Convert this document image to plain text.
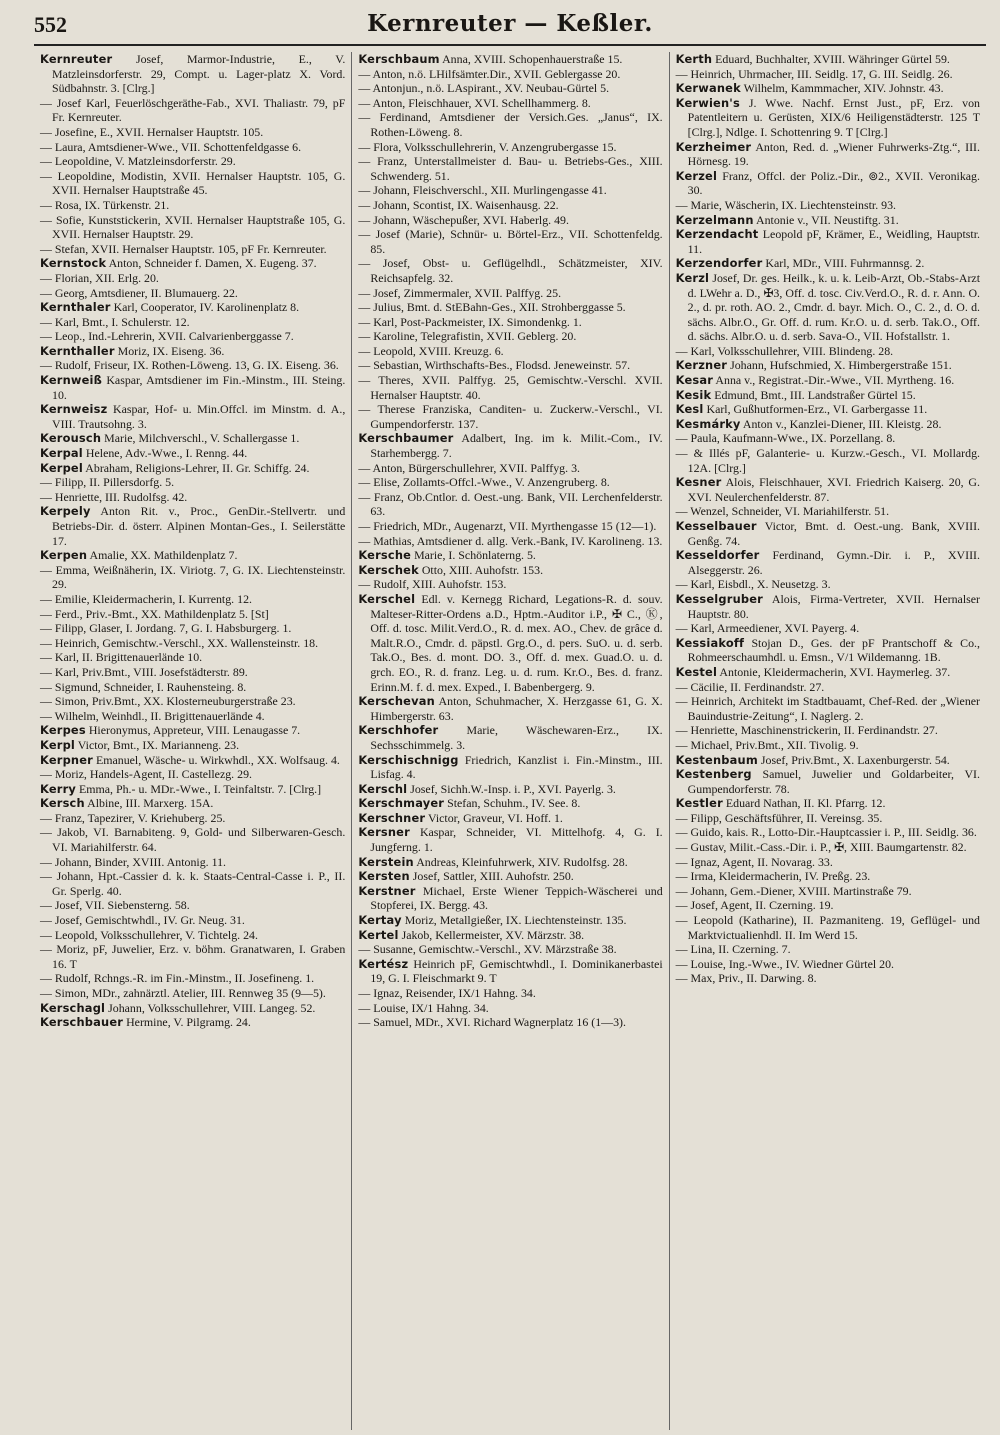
552	Kernreuter — Keßler.

Kernreuter Josef, Marmor-Industrie, E., V. Matzleinsdorferstr. 29, Compt. u. Lager-platz X. Vord. Südbahnstr. 3. [Clrg.]

— Josef Karl, Feuerlöschgeräthe-Fab., XVI. Thaliastr. 79, pF Fr. Kernreuter.

— Josefine, E., XVII. Hernalser Hauptstr. 105.

— Laura, Amtsdiener-Wwe., VII. Schottenfeldgasse 6.

— Leopoldine, V. Matzleinsdorferstr. 29.

— Leopoldine, Modistin, XVII. Hernalser Hauptstr. 105, G. XVII. Hernalser Hauptstraße 45.

— Rosa, IX. Türkenstr. 21.

— Sofie, Kunststickerin, XVII. Hernalser Hauptstraße 105, G. XVII. Hernalser Hauptstr. 29.

— Stefan, XVII. Hernalser Hauptstr. 105, pF Fr. Kernreuter.

Kernstock Anton, Schneider f. Damen, X. Eugeng. 37.

— Florian, XII. Erlg. 20.

— Georg, Amtsdiener, II. Blumauerg. 22.

Kernthaler Karl, Cooperator, IV. Karolinenplatz 8.

— Karl, Bmt., I. Schulerstr. 12.

— Leop., Ind.-Lehrerin, XVII. Calvarienberggasse 7.

Kernthaller Moriz, IX. Eiseng. 36.

— Rudolf, Friseur, IX. Rothen-Löweng. 13, G. IX. Eiseng. 36.

Kernweiß Kaspar, Amtsdiener im Fin.-Minstm., III. Steing. 10.

Kernweisz Kaspar, Hof- u. Min.Offcl. im Minstm. d. A., VIII. Trautsohng. 3.

Kerousch Marie, Milchverschl., V. Schallergasse 1.

Kerpal Helene, Adv.-Wwe., I. Renng. 44.

Kerpel Abraham, Religions-Lehrer, II. Gr. Schiffg. 24.

— Filipp, II. Pillersdorfg. 5.

— Henriette, III. Rudolfsg. 42.

Kerpely Anton Rit. v., Proc., GenDir.-Stellvertr. und Betriebs-Dir. d. österr. Alpinen Montan-Ges., I. Seilerstätte 17.

Kerpen Amalie, XX. Mathildenplatz 7.

— Emma, Weißnäherin, IX. Viriotg. 7, G. IX. Liechtensteinstr. 29.

— Emilie, Kleidermacherin, I. Kurrentg. 12.

— Ferd., Priv.-Bmt., XX. Mathildenplatz 5. [St]

— Filipp, Glaser, I. Jordang. 7, G. I. Habsburgerg. 1.

— Heinrich, Gemischtw.-Verschl., XX. Wallensteinstr. 18.

— Karl, II. Brigittenauerlände 10.

— Karl, Priv.Bmt., VIII. Josefstädterstr. 89.

— Sigmund, Schneider, I. Rauhensteing. 8.

— Simon, Priv.Bmt., XX. Klosterneuburgerstraße 23.

— Wilhelm, Weinhdl., II. Brigittenauerlände 4.

Kerpes Hieronymus, Appreteur, VIII. Lenaugasse 7.

Kerpl Victor, Bmt., IX. Marianneng. 23.

Kerpner Emanuel, Wäsche- u. Wirkwhdl., XX. Wolfsaug. 4.

— Moriz, Handels-Agent, II. Castellezg. 29.

Kerry Emma, Ph.- u. MDr.-Wwe., I. Teinfaltstr. 7. [Clrg.]

Kersch Albine, III. Marxerg. 15A.

— Franz, Tapezirer, V. Kriehuberg. 25.

— Jakob, VI. Barnabiteng. 9, Gold- und Silberwaren-Gesch. VI. Mariahilferstr. 64.

— Johann, Binder, XVIII. Antonig. 11.

— Johann, Hpt.-Cassier d. k. k. Staats-Central-Casse i. P., II. Gr. Sperlg. 40.

— Josef, VII. Siebensterng. 58.

— Josef, Gemischtwhdl., IV. Gr. Neug. 31.

— Leopold, Volksschullehrer, V. Tichtelg. 24.

— Moriz, pF, Juwelier, Erz. v. böhm. Granatwaren, I. Graben 16. T

— Rudolf, Rchngs.-R. im Fin.-Minstm., II. Josefineng. 1.

— Simon, MDr., zahnärztl. Atelier, III. Rennweg 35 (9—5).

Kerschagl Johann, Volksschullehrer, VIII. Langeg. 52.

Kerschbauer Hermine, V. Pilgramg. 24.

Kerschbaum Anna, XVIII. Schopenhauerstraße 15.

— Anton, n.ö. LHilfsämter.Dir., XVII. Geblergasse 20.

— Antonjun., n.ö. LAspirant., XV. Neubau-Gürtel 5.

— Anton, Fleischhauer, XVI. Schellhammerg. 8.

— Ferdinand, Amtsdiener der Versich.Ges. „Janus“, IX. Rothen-Löweng. 8.

— Flora, Volksschullehrerin, V. Anzengrubergasse 15.

— Franz, Unterstallmeister d. Bau- u. Betriebs-Ges., XIII. Schwenderg. 51.

— Johann, Fleischverschl., XII. Murlingengasse 41.

— Johann, Scontist, IX. Waisenhausg. 22.

— Johann, Wäschepußer, XVI. Haberlg. 49.

— Josef (Marie), Schnür- u. Börtel-Erz., VII. Schottenfeldg. 85.

— Josef, Obst- u. Geflügelhdl., Schätzmeister, XIV. Reichsapfelg. 32.

— Josef, Zimmermaler, XVII. Palffyg. 25.

— Julius, Bmt. d. StEBahn-Ges., XII. Strohberggasse 5.

— Karl, Post-Packmeister, IX. Simondenkg. 1.

— Karoline, Telegrafistin, XVII. Geblerg. 20.

— Leopold, XVIII. Kreuzg. 6.

— Sebastian, Wirthschafts-Bes., Flodsd. Jeneweinstr. 57.

— Theres, XVII. Palffyg. 25, Gemischtw.-Verschl. XVII. Hernalser Hauptstr. 40.

— Therese Franziska, Canditen- u. Zuckerw.-Verschl., VI. Gumpendorferstr. 137.

Kerschbaumer Adalbert, Ing. im k. Milit.-Com., IV. Starhembergg. 7.

— Anton, Bürgerschullehrer, XVII. Palffyg. 3.

— Elise, Zollamts-Offcl.-Wwe., V. Anzengruberg. 8.

— Franz, Ob.Cntlor. d. Oest.-ung. Bank, VII. Lerchenfelderstr. 63.

— Friedrich, MDr., Augenarzt, VII. Myrthengasse 15 (12—1).

— Mathias, Amtsdiener d. allg. Verk.-Bank, IV. Karolineng. 13.

Kersche Marie, I. Schönlaterng. 5.

Kerschek Otto, XIII. Auhofstr. 153.

— Rudolf, XIII. Auhofstr. 153.

Kerschel Edl. v. Kernegg Richard, Legations-R. d. souv. Malteser-Ritter-Ordens a.D., Hptm.-Auditor i.P., ✠ C., Ⓚ, Off. d. tosc. Milit.Verd.O., R. d. mex. AO., Chev. de grâce d. Malt.R.O., Cmdr. d. päpstl. Grg.O., d. pers. SuO. u. d. serb. Tak.O., Bes. d. mont. DO. 3., Off. d. mex. Guad.O. u. d. grch. EO., R. d. franz. Leg. u. d. rum. Kr.O., Bes. d. franz. Erinn.M. f. d. mex. Exped., I. Babenbergerg. 9.

Kerschevan Anton, Schuhmacher, X. Herzgasse 61, G. X. Himbergerstr. 63.

Kerschhofer Marie, Wäschewaren-Erz., IX. Sechsschimmelg. 3.

Kerschischnigg Friedrich, Kanzlist i. Fin.-Minstm., III. Lisfag. 4.

Kerschl Josef, Sichh.W.-Insp. i. P., XVI. Payerlg. 3.

Kerschmayer Stefan, Schuhm., IV. See. 8.

Kerschner Victor, Graveur, VI. Hoff. 1.

Kersner Kaspar, Schneider, VI. Mittelhofg. 4, G. I. Jungferng. 1.

Kerstein Andreas, Kleinfuhrwerk, XIV. Rudolfsg. 28.

Kersten Josef, Sattler, XIII. Auhofstr. 250.

Kerstner Michael, Erste Wiener Teppich-Wäscherei und Stopferei, IX. Bergg. 43.

Kertay Moriz, Metallgießer, IX. Liechtensteinstr. 135.

Kertel Jakob, Kellermeister, XV. Märzstr. 38.

— Susanne, Gemischtw.-Verschl., XV. Märzstraße 38.

Kertész Heinrich pF, Gemischtwhdl., I. Dominikanerbastei 19, G. I. Fleischmarkt 9. T

— Ignaz, Reisender, IX/1 Hahng. 34.

— Louise, IX/1 Hahng. 34.

— Samuel, MDr., XVI. Richard Wagnerplatz 16 (1—3).

Kerth Eduard, Buchhalter, XVIII. Währinger Gürtel 59.

— Heinrich, Uhrmacher, III. Seidlg. 17, G. III. Seidlg. 26.

Kerwanek Wilhelm, Kammmacher, XIV. Johnstr. 43.

Kerwien's J. Wwe. Nachf. Ernst Just., pF, Erz. von Patentleitern u. Gerüsten, XIX/6 Heiligenstädterstr. 125 T [Clrg.], Ndlge. I. Schottenring 9. T [Clrg.]

Kerzheimer Anton, Red. d. „Wiener Fuhrwerks-Ztg.“, III. Hörnesg. 19.

Kerzel Franz, Offcl. der Poliz.-Dir., ⊚2., XVII. Veronikag. 30.

— Marie, Wäscherin, IX. Liechtensteinstr. 93.

Kerzelmann Antonie v., VII. Neustiftg. 31.

Kerzendacht Leopold pF, Krämer, E., Weidling, Hauptstr. 11.

Kerzendorfer Karl, MDr., VIII. Fuhrmannsg. 2.

Kerzl Josef, Dr. ges. Heilk., k. u. k. Leib-Arzt, Ob.-Stabs-Arzt d. LWehr a. D., ✠3, Off. d. tosc. Civ.Verd.O., R. d. r. Ann. O. 2., d. pr. roth. AO. 2., Cmdr. d. bayr. Mich. O., C. 2., d. O. d. sächs. Albr.O., Gr. Off. d. rum. Kr.O. u. d. serb. Tak.O., Off. d. sächs. Albr.O. u. d. serb. Sava-O., VII. Hofstallstr. 1.

— Karl, Volksschullehrer, VIII. Blindeng. 28.

Kerzner Johann, Hufschmied, X. Himbergerstraße 151.

Kesar Anna v., Registrat.-Dir.-Wwe., VII. Myrtheng. 16.

Kesik Edmund, Bmt., III. Landstraßer Gürtel 15.

Kesl Karl, Gußhutformen-Erz., VI. Garbergasse 11.

Kesmárky Anton v., Kanzlei-Diener, III. Kleistg. 28.

— Paula, Kaufmann-Wwe., IX. Porzellang. 8.

— & Illés pF, Galanterie- u. Kurzw.-Gesch., VI. Mollardg. 12A. [Clrg.]

Kesner Alois, Fleischhauer, XVI. Friedrich Kaiserg. 20, G. XVI. Neulerchenfelderstr. 87.

— Wenzel, Schneider, VI. Mariahilferstr. 51.

Kesselbauer Victor, Bmt. d. Oest.-ung. Bank, XVIII. Genßg. 74.

Kesseldorfer Ferdinand, Gymn.-Dir. i. P., XVIII. Alseggerstr. 26.

— Karl, Eisbdl., X. Neusetzg. 3.

Kesselgruber Alois, Firma-Vertreter, XVII. Hernalser Hauptstr. 80.

— Karl, Armeediener, XVI. Payerg. 4.

Kessiakoff Stojan D., Ges. der pF Prantschoff & Co., Rohmeerschaumhdl. u. Emsn., V/1 Wildemanng. 1B.

Kestel Antonie, Kleidermacherin, XVI. Haymerleg. 37.

— Cäcilie, II. Ferdinandstr. 27.

— Heinrich, Architekt im Stadtbauamt, Chef-Red. der „Wiener Bauindustrie-Zeitung“, I. Naglerg. 2.

— Henriette, Maschinenstrickerin, II. Ferdinandstr. 27.

— Michael, Priv.Bmt., XII. Tivolig. 9.

Kestenbaum Josef, Priv.Bmt., X. Laxenburgerstr. 54.

Kestenberg Samuel, Juwelier und Goldarbeiter, VI. Gumpendorferstr. 78.

Kestler Eduard Nathan, II. Kl. Pfarrg. 12.

— Filipp, Geschäftsführer, II. Vereinsg. 35.

— Guido, kais. R., Lotto-Dir.-Hauptcassier i. P., III. Seidlg. 36.

— Gustav, Milit.-Cass.-Dir. i. P., ✠, XIII. Baumgartenstr. 82.

— Ignaz, Agent, II. Novarag. 33.

— Irma, Kleidermacherin, IV. Preßg. 23.

— Johann, Gem.-Diener, XVIII. Martinstraße 79.

— Josef, Agent, II. Czerning. 19.

— Leopold (Katharine), II. Pazmaniteng. 19, Geflügel- und Marktvictualienhdl. II. Im Werd 15.

— Lina, II. Czerning. 7.

— Louise, Ing.-Wwe., IV. Wiedner Gürtel 20.

— Max, Priv., II. Darwing. 8.
